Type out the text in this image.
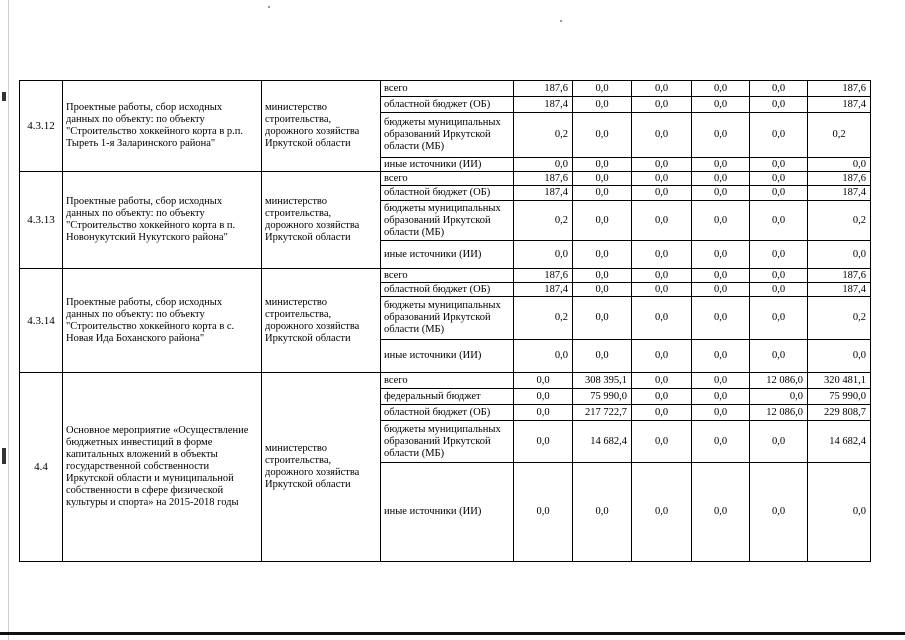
4.3.12	Проектные работы, сбор исходных данных по объекту: по объекту "Строительство хоккейного корта в р.п. Тыреть 1-я Заларинского района"	министерство строительства, дорожного хозяйства Иркутской области	всего	187,6	0,0	0,0	0,0	0,0	187,6
			областной бюджет (ОБ)	187,4	0,0	0,0	0,0	0,0	187,4
			бюджеты муниципальных образований Иркутской области (МБ)	0,2	0,0	0,0	0,0	0,0	0,2
			иные источники (ИИ)	0,0	0,0	0,0	0,0	0,0	0,0
4.3.13	Проектные работы, сбор исходных данных по объекту: по объекту "Строительство хоккейного корта в п. Новонукутский Нукутского района"	министерство строительства, дорожного хозяйства Иркутской области	всего	187,6	0,0	0,0	0,0	0,0	187,6
			областной бюджет (ОБ)	187,4	0,0	0,0	0,0	0,0	187,4
			бюджеты муниципальных образований Иркутской области (МБ)	0,2	0,0	0,0	0,0	0,0	0,2
			иные источники (ИИ)	0,0	0,0	0,0	0,0	0,0	0,0
4.3.14	Проектные работы, сбор исходных данных по объекту: по объекту "Строительство хоккейного корта в с. Новая Ида Боханского района"	министерство строительства, дорожного хозяйства Иркутской области	всего	187,6	0,0	0,0	0,0	0,0	187,6
			областной бюджет (ОБ)	187,4	0,0	0,0	0,0	0,0	187,4
			бюджеты муниципальных образований Иркутской области (МБ)	0,2	0,0	0,0	0,0	0,0	0,2
			иные источники (ИИ)	0,0	0,0	0,0	0,0	0,0	0,0
4.4	Основное мероприятие «Осуществление бюджетных инвестиций в форме капитальных вложений в объекты государственной собственности Иркутской области и муниципальной собственности в сфере физической культуры и спорта» на 2015-2018 годы	министерство строительства, дорожного хозяйства Иркутской области	всего	0,0	308 395,1	0,0	0,0	12 086,0	320 481,1
			федеральный бюджет	0,0	75 990,0	0,0	0,0	0,0	75 990,0
			областной бюджет (ОБ)	0,0	217 722,7	0,0	0,0	12 086,0	229 808,7
			бюджеты муниципальных образований Иркутской области (МБ)	0,0	14 682,4	0,0	0,0	0,0	14 682,4
			иные источники (ИИ)	0,0	0,0	0,0	0,0	0,0	0,0
